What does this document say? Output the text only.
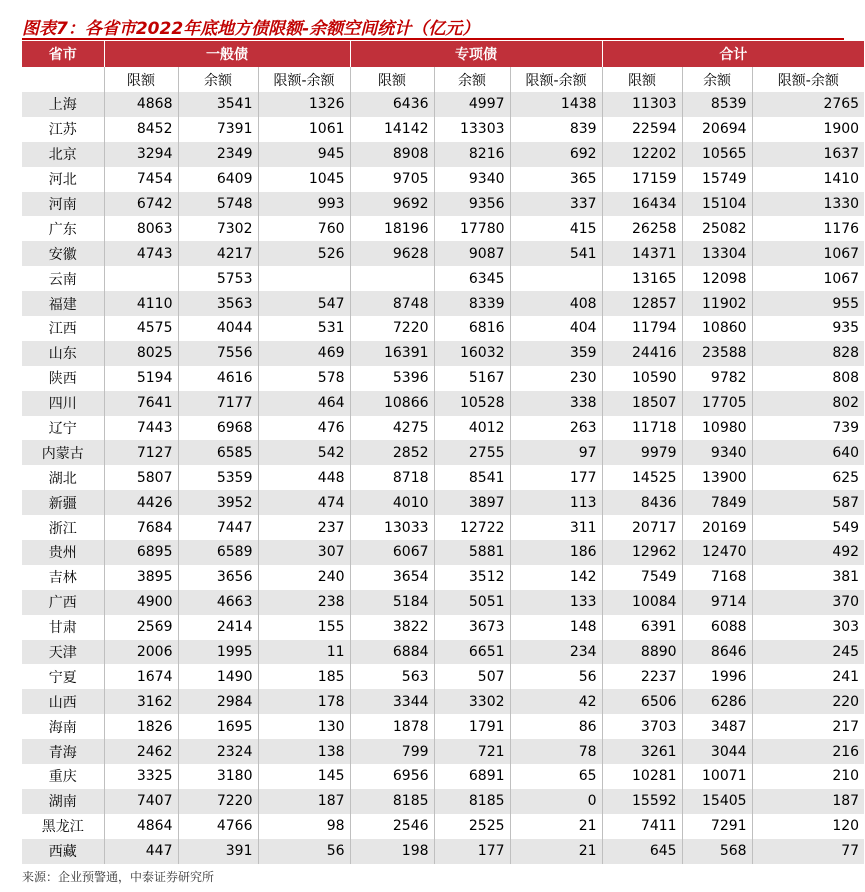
图表7：各省市2022年底地方债限额-余额空间统计（亿元）
省市	一般债			专项债			合计		
	限额	余额	限额-余额	限额	余额	限额-余额	限额	余额	限额-余额
上海	4868	3541	1326	6436	4997	1438	11303	8539	2765
江苏	8452	7391	1061	14142	13303	839	22594	20694	1900
北京	3294	2349	945	8908	8216	692	12202	10565	1637
河北	7454	6409	1045	9705	9340	365	17159	15749	1410
河南	6742	5748	993	9692	9356	337	16434	15104	1330
广东	8063	7302	760	18196	17780	415	26258	25082	1176
安徽	4743	4217	526	9628	9087	541	14371	13304	1067
云南		5753			6345		13165	12098	1067
福建	4110	3563	547	8748	8339	408	12857	11902	955
江西	4575	4044	531	7220	6816	404	11794	10860	935
山东	8025	7556	469	16391	16032	359	24416	23588	828
陕西	5194	4616	578	5396	5167	230	10590	9782	808
四川	7641	7177	464	10866	10528	338	18507	17705	802
辽宁	7443	6968	476	4275	4012	263	11718	10980	739
内蒙古	7127	6585	542	2852	2755	97	9979	9340	640
湖北	5807	5359	448	8718	8541	177	14525	13900	625
新疆	4426	3952	474	4010	3897	113	8436	7849	587
浙江	7684	7447	237	13033	12722	311	20717	20169	549
贵州	6895	6589	307	6067	5881	186	12962	12470	492
吉林	3895	3656	240	3654	3512	142	7549	7168	381
广西	4900	4663	238	5184	5051	133	10084	9714	370
甘肃	2569	2414	155	3822	3673	148	6391	6088	303
天津	2006	1995	11	6884	6651	234	8890	8646	245
宁夏	1674	1490	185	563	507	56	2237	1996	241
山西	3162	2984	178	3344	3302	42	6506	6286	220
海南	1826	1695	130	1878	1791	86	3703	3487	217
青海	2462	2324	138	799	721	78	3261	3044	216
重庆	3325	3180	145	6956	6891	65	10281	10071	210
湖南	7407	7220	187	8185	8185	0	15592	15405	187
黑龙江	4864	4766	98	2546	2525	21	7411	7291	120
西藏	447	391	56	198	177	21	645	568	77
来源：企业预警通，中泰证券研究所
